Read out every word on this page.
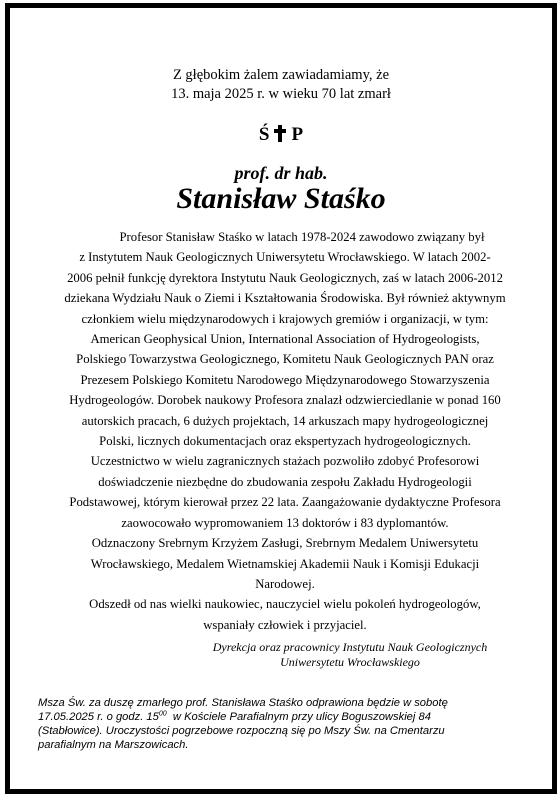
Z głębokim żalem zawiadamiamy, że
13. maja 2025 r. w wieku 70 lat zmarł
Ś P
prof. dr hab.
Stanisław Staśko
Profesor Stanisław Staśko w latach 1978-2024 zawodowo związany był
z Instytutem Nauk Geologicznych Uniwersytetu Wrocławskiego. W latach 2002-
2006 pełnił funkcję dyrektora Instytutu Nauk Geologicznych, zaś w latach 2006-2012
dziekana Wydziału Nauk o Ziemi i Kształtowania Środowiska. Był również aktywnym
członkiem wielu międzynarodowych i krajowych gremiów i organizacji, w tym:
American Geophysical Union, International Association of Hydrogeologists,
Polskiego Towarzystwa Geologicznego, Komitetu Nauk Geologicznych PAN oraz
Prezesem Polskiego Komitetu Narodowego Międzynarodowego Stowarzyszenia
Hydrogeologów. Dorobek naukowy Profesora znalazł odzwierciedlanie w ponad 160
autorskich pracach, 6 dużych projektach, 14 arkuszach mapy hydrogeologicznej
Polski, licznych dokumentacjach oraz ekspertyzach hydrogeologicznych.
Uczestnictwo w wielu zagranicznych stażach pozwoliło zdobyć Profesorowi
doświadczenie niezbędne do zbudowania zespołu Zakładu Hydrogeologii
Podstawowej, którym kierował przez 22 lata. Zaangażowanie dydaktyczne Profesora
zaowocowało wypromowaniem 13 doktorów i 83 dyplomantów.
Odznaczony Srebrnym Krzyżem Zasługi, Srebrnym Medalem Uniwersytetu
Wrocławskiego, Medalem Wietnamskiej Akademii Nauk i Komisji Edukacji
Narodowej.
Odszedł od nas wielki naukowiec, nauczyciel wielu pokoleń hydrogeologów,
wspaniały człowiek i przyjaciel.
Dyrekcja oraz pracownicy Instytutu Nauk Geologicznych
Uniwersytetu Wrocławskiego
Msza Św. za duszę zmarłego prof. Stanisława Staśko odprawiona będzie w sobotę
17.05.2025 r. o godz. $15^{00}$  w Kościele Parafialnym przy ulicy Boguszowskiej 84
(Stabłowice). Uroczystości pogrzebowe rozpoczną się po Mszy Św. na Cmentarzu
parafialnym na Marszowicach.
